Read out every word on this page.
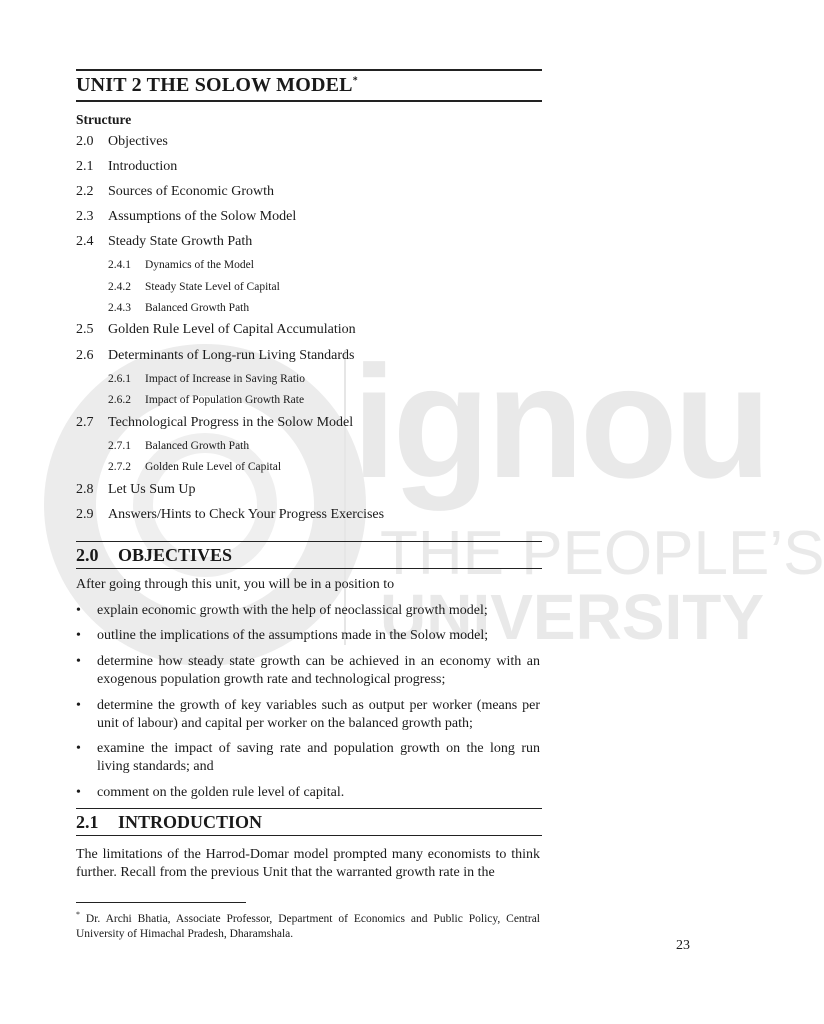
ignou
THE PEOPLE’S
UNIVERSITY
UNIT 2 THE SOLOW MODEL*
Structure
2.0 Objectives
2.1 Introduction
2.2 Sources of Economic Growth
2.3 Assumptions of the Solow Model
2.4 Steady State Growth Path
2.4.1 Dynamics of the Model
2.4.2 Steady State Level of Capital
2.4.3 Balanced Growth Path
2.5 Golden Rule Level of Capital Accumulation
2.6 Determinants of Long-run Living Standards
2.6.1 Impact of Increase in Saving Ratio
2.6.2 Impact of Population Growth Rate
2.7 Technological Progress in the Solow Model
2.7.1 Balanced Growth Path
2.7.2 Golden Rule Level of Capital
2.8 Let Us Sum Up
2.9 Answers/Hints to Check Your Progress Exercises
2.0 OBJECTIVES
After going through this unit, you will be in a position to
• explain economic growth with the help of neoclassical growth model;
• outline the implications of the assumptions made in the Solow model;
• determine how steady state growth can be achieved in an economy with an exogenous population growth rate and technological progress;
• determine the growth of key variables such as output per worker (means per unit of labour) and capital per worker on the balanced growth path;
• examine the impact of saving rate and population growth on the long run living standards; and
• comment on the golden rule level of capital.
2.1 INTRODUCTION
The limitations of the Harrod-Domar model prompted many economists to think further. Recall from the previous Unit that the warranted growth rate in the
* Dr. Archi Bhatia, Associate Professor, Department of Economics and Public Policy, Central University of Himachal Pradesh, Dharamshala.
23
